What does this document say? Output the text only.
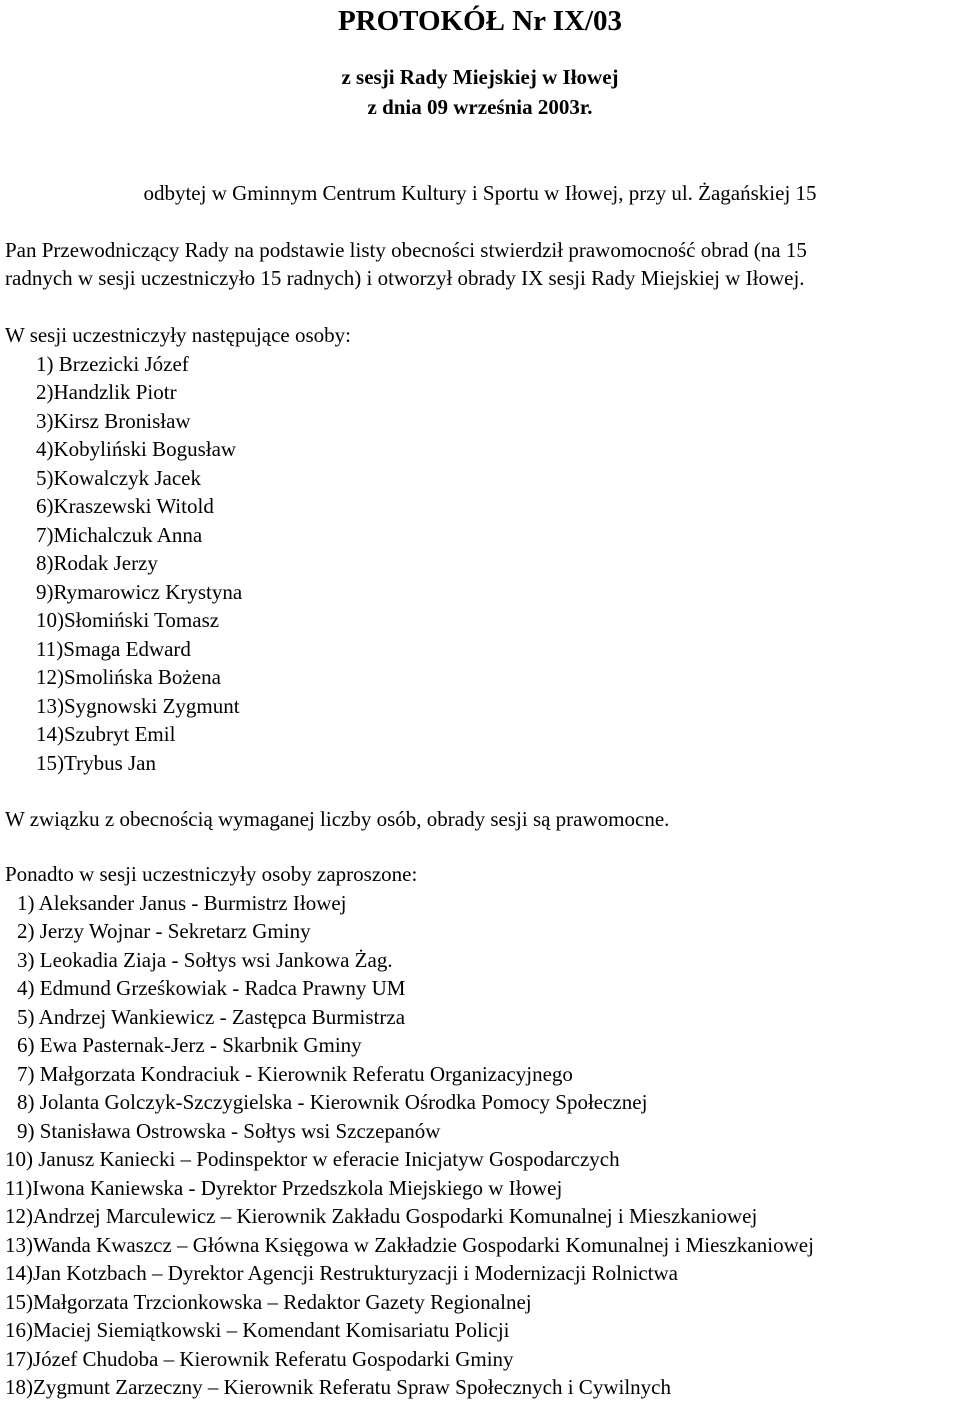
PROTOKÓŁ Nr IX/03
z sesji Rady Miejskiej w Iłowej
z dnia 09 września 2003r.
odbytej w Gminnym Centrum Kultury i Sportu w Iłowej, przy ul. Żagańskiej 15
Pan Przewodniczący Rady na podstawie listy obecności stwierdził prawomocność obrad (na 15
radnych w sesji uczestniczyło 15 radnych) i otworzył obrady IX sesji Rady Miejskiej w Iłowej.
W sesji uczestniczyły następujące osoby:
1) Brzezicki Józef
2)Handzlik Piotr
3)Kirsz Bronisław
4)Kobyliński Bogusław
5)Kowalczyk Jacek
6)Kraszewski Witold
7)Michalczuk Anna
8)Rodak Jerzy
9)Rymarowicz Krystyna
10)Słomiński Tomasz
11)Smaga Edward
12)Smolińska Bożena
13)Sygnowski Zygmunt
14)Szubryt Emil
15)Trybus Jan
W związku z obecnością wymaganej liczby osób, obrady sesji są prawomocne.
Ponadto w sesji uczestniczyły osoby zaproszone:
1) Aleksander Janus - Burmistrz Iłowej
2) Jerzy Wojnar - Sekretarz Gminy
3) Leokadia Ziaja - Sołtys wsi Jankowa Żag.
4) Edmund Grześkowiak - Radca Prawny UM
5) Andrzej Wankiewicz - Zastępca Burmistrza
6) Ewa Pasternak-Jerz - Skarbnik Gminy
7) Małgorzata Kondraciuk - Kierownik Referatu Organizacyjnego
8) Jolanta Golczyk-Szczygielska - Kierownik Ośrodka Pomocy Społecznej
9) Stanisława Ostrowska - Sołtys wsi Szczepanów
10) Janusz Kaniecki – Podinspektor w eferacie Inicjatyw Gospodarczych
11)Iwona Kaniewska - Dyrektor Przedszkola Miejskiego w Iłowej
12)Andrzej Marculewicz – Kierownik Zakładu Gospodarki Komunalnej i Mieszkaniowej
13)Wanda Kwaszcz – Główna Księgowa w Zakładzie Gospodarki Komunalnej i Mieszkaniowej
14)Jan Kotzbach – Dyrektor Agencji Restrukturyzacji i Modernizacji Rolnictwa
15)Małgorzata Trzcionkowska – Redaktor Gazety Regionalnej
16)Maciej Siemiątkowski – Komendant Komisariatu Policji
17)Józef Chudoba – Kierownik Referatu Gospodarki Gminy
18)Zygmunt Zarzeczny – Kierownik Referatu Spraw Społecznych i Cywilnych
